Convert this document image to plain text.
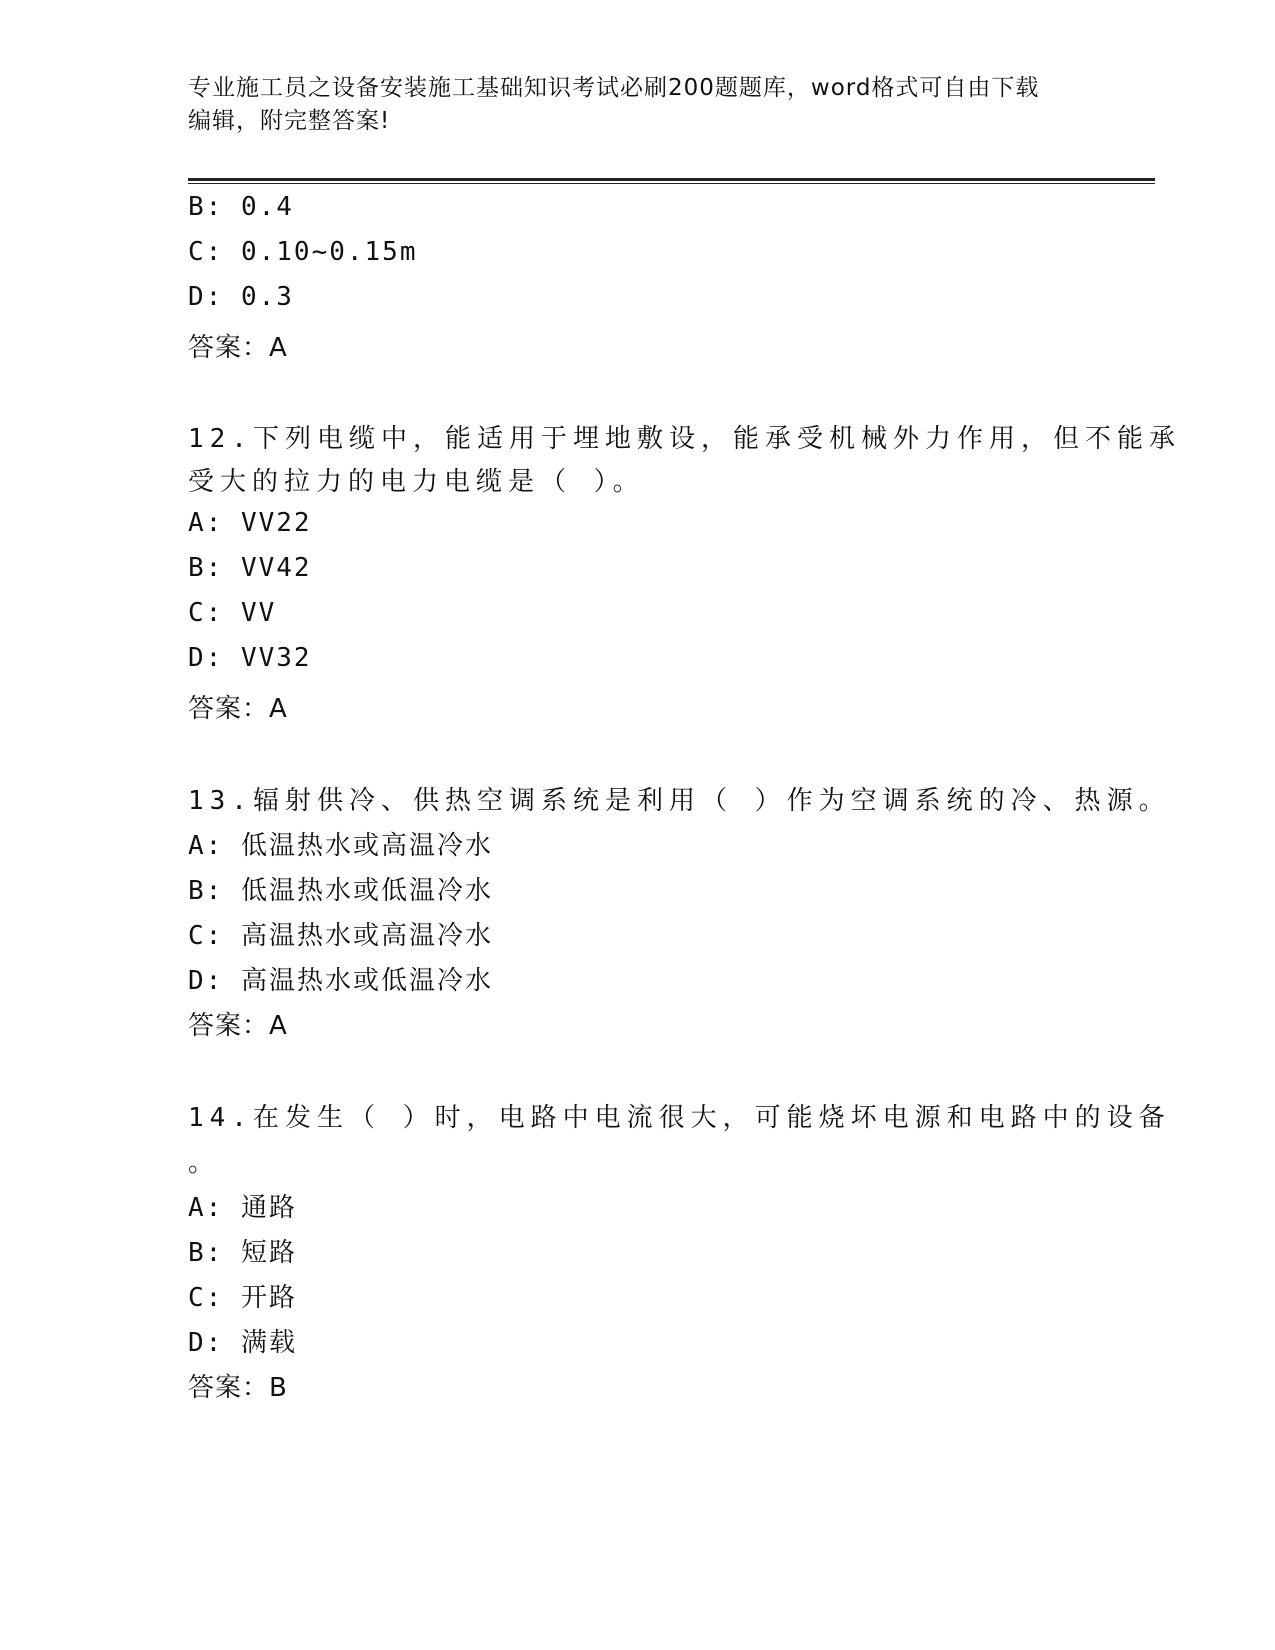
专业施工员之设备安装施工基础知识考试必刷200题题库，word格式可自由下载
编辑，附完整答案!
B: 0.4
C: 0.10~0.15m
D: 0.3
答案：A
12.下列电缆中，能适用于埋地敷设，能承受机械外力作用，但不能承
受大的拉力的电力电缆是（ ）。
A: VV22
B: VV42
C: VV
D: VV32
答案：A
13.辐射供冷、供热空调系统是利用（ ）作为空调系统的冷、热源。
A: 低温热水或高温冷水
B: 低温热水或低温冷水
C: 高温热水或高温冷水
D: 高温热水或低温冷水
答案：A
14.在发生（ ）时，电路中电流很大，可能烧坏电源和电路中的设备
。
A: 通路
B: 短路
C: 开路
D: 满载
答案：B
